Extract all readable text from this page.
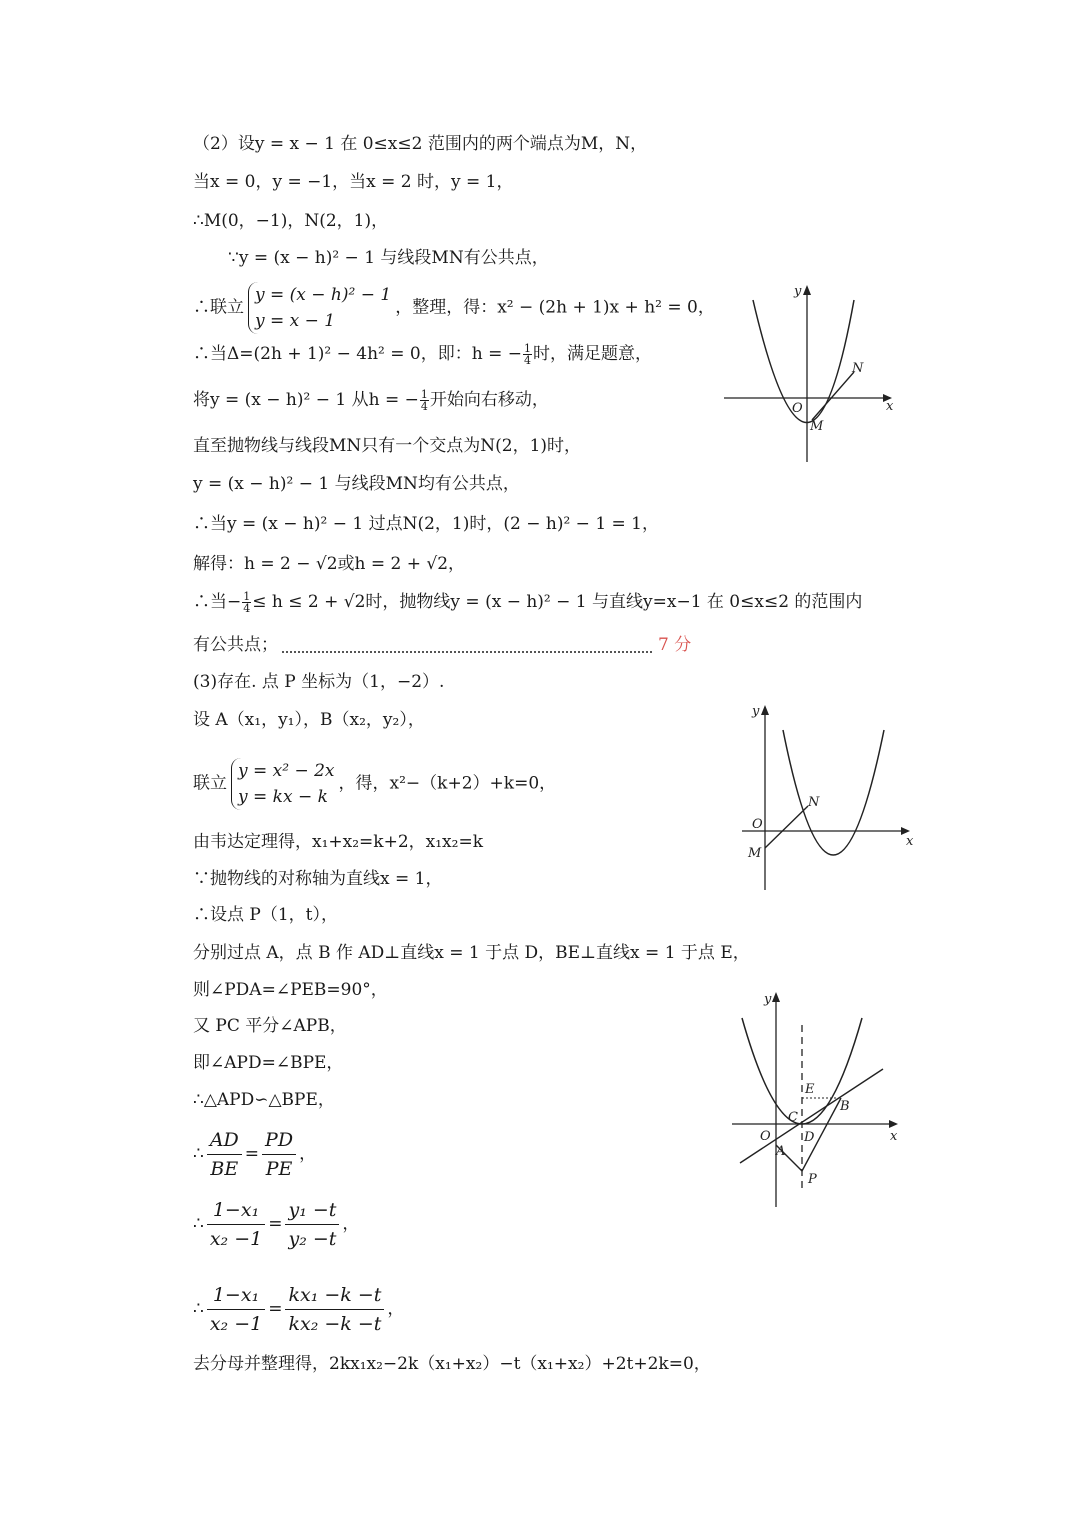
（2）设y = x − 1 在 0≤x≤2 范围内的两个端点为M，N，
当x = 0，y = −1，当x = 2 时，y = 1，
∴M(0，−1)，N(2，1)，
∵y = (x − h)² − 1 与线段MN有公共点，
∴联立
y = (x − h)² − 1
y = x − 1
，整理，得：x² − (2h + 1)x + h² = 0，
∴当Δ=(2h + 1)² − 4h² = 0，即：h = − $\frac{1}{4}$ 时，满足题意，
将y = (x − h)² − 1 从h = − $\frac{1}{4}$ 开始向右移动，
直至抛物线与线段MN只有一个交点为N(2，1)时，
y = (x − h)² − 1 与线段MN均有公共点，
∴当y = (x − h)² − 1 过点N(2，1)时，(2 − h)² − 1 = 1，
解得：h = 2 − √2或h = 2 + √2，
∴当− $\frac{1}{4} \le h \le 2 + √2$时，抛物线y = (x − h)² − 1 与直线y=x−1 在 0≤x≤2 的范围内
有公共点；	7 分
(3)存在. 点 P 坐标为（1，−2）.
设 A（x₁，y₁），B（x₂，y₂），
联立
y = x² − 2x
y = kx − k
，得，x²−（k+2）+k=0，
由韦达定理得，x₁+x₂=k+2，x₁x₂=k
∵抛物线的对称轴为直线x = 1，
∴设点 P（1，t），
分别过点 A，点 B 作 AD⊥直线x = 1 于点 D，BE⊥直线x = 1 于点 E，
则∠PDA=∠PEB=90°，
又 PC 平分∠APB，
即∠APD=∠BPE，
∴△APD∽△BPE，
∴ $\frac{AD}{BE} = \frac{PD}{PE}$ ，
∴ $\frac{\text{1−x₁}}{\text{x₂ −1}} = \frac{\text{y₁ −t}}{\text{y₂ −t}}$ ，
∴ $\frac{\text{1−x₁}}{\text{x₂ −1}} = \frac{\text{kx₁ −k −t}}{\text{kx₂ −k −t}}$ ，
去分母并整理得，2kx₁x₂−2k（x₁+x₂）−t（x₁+x₂）+2t+2k=0，
y
x
O
N
M
y
x
O
N
M
y
x
O
E
C
B
D
A
P
